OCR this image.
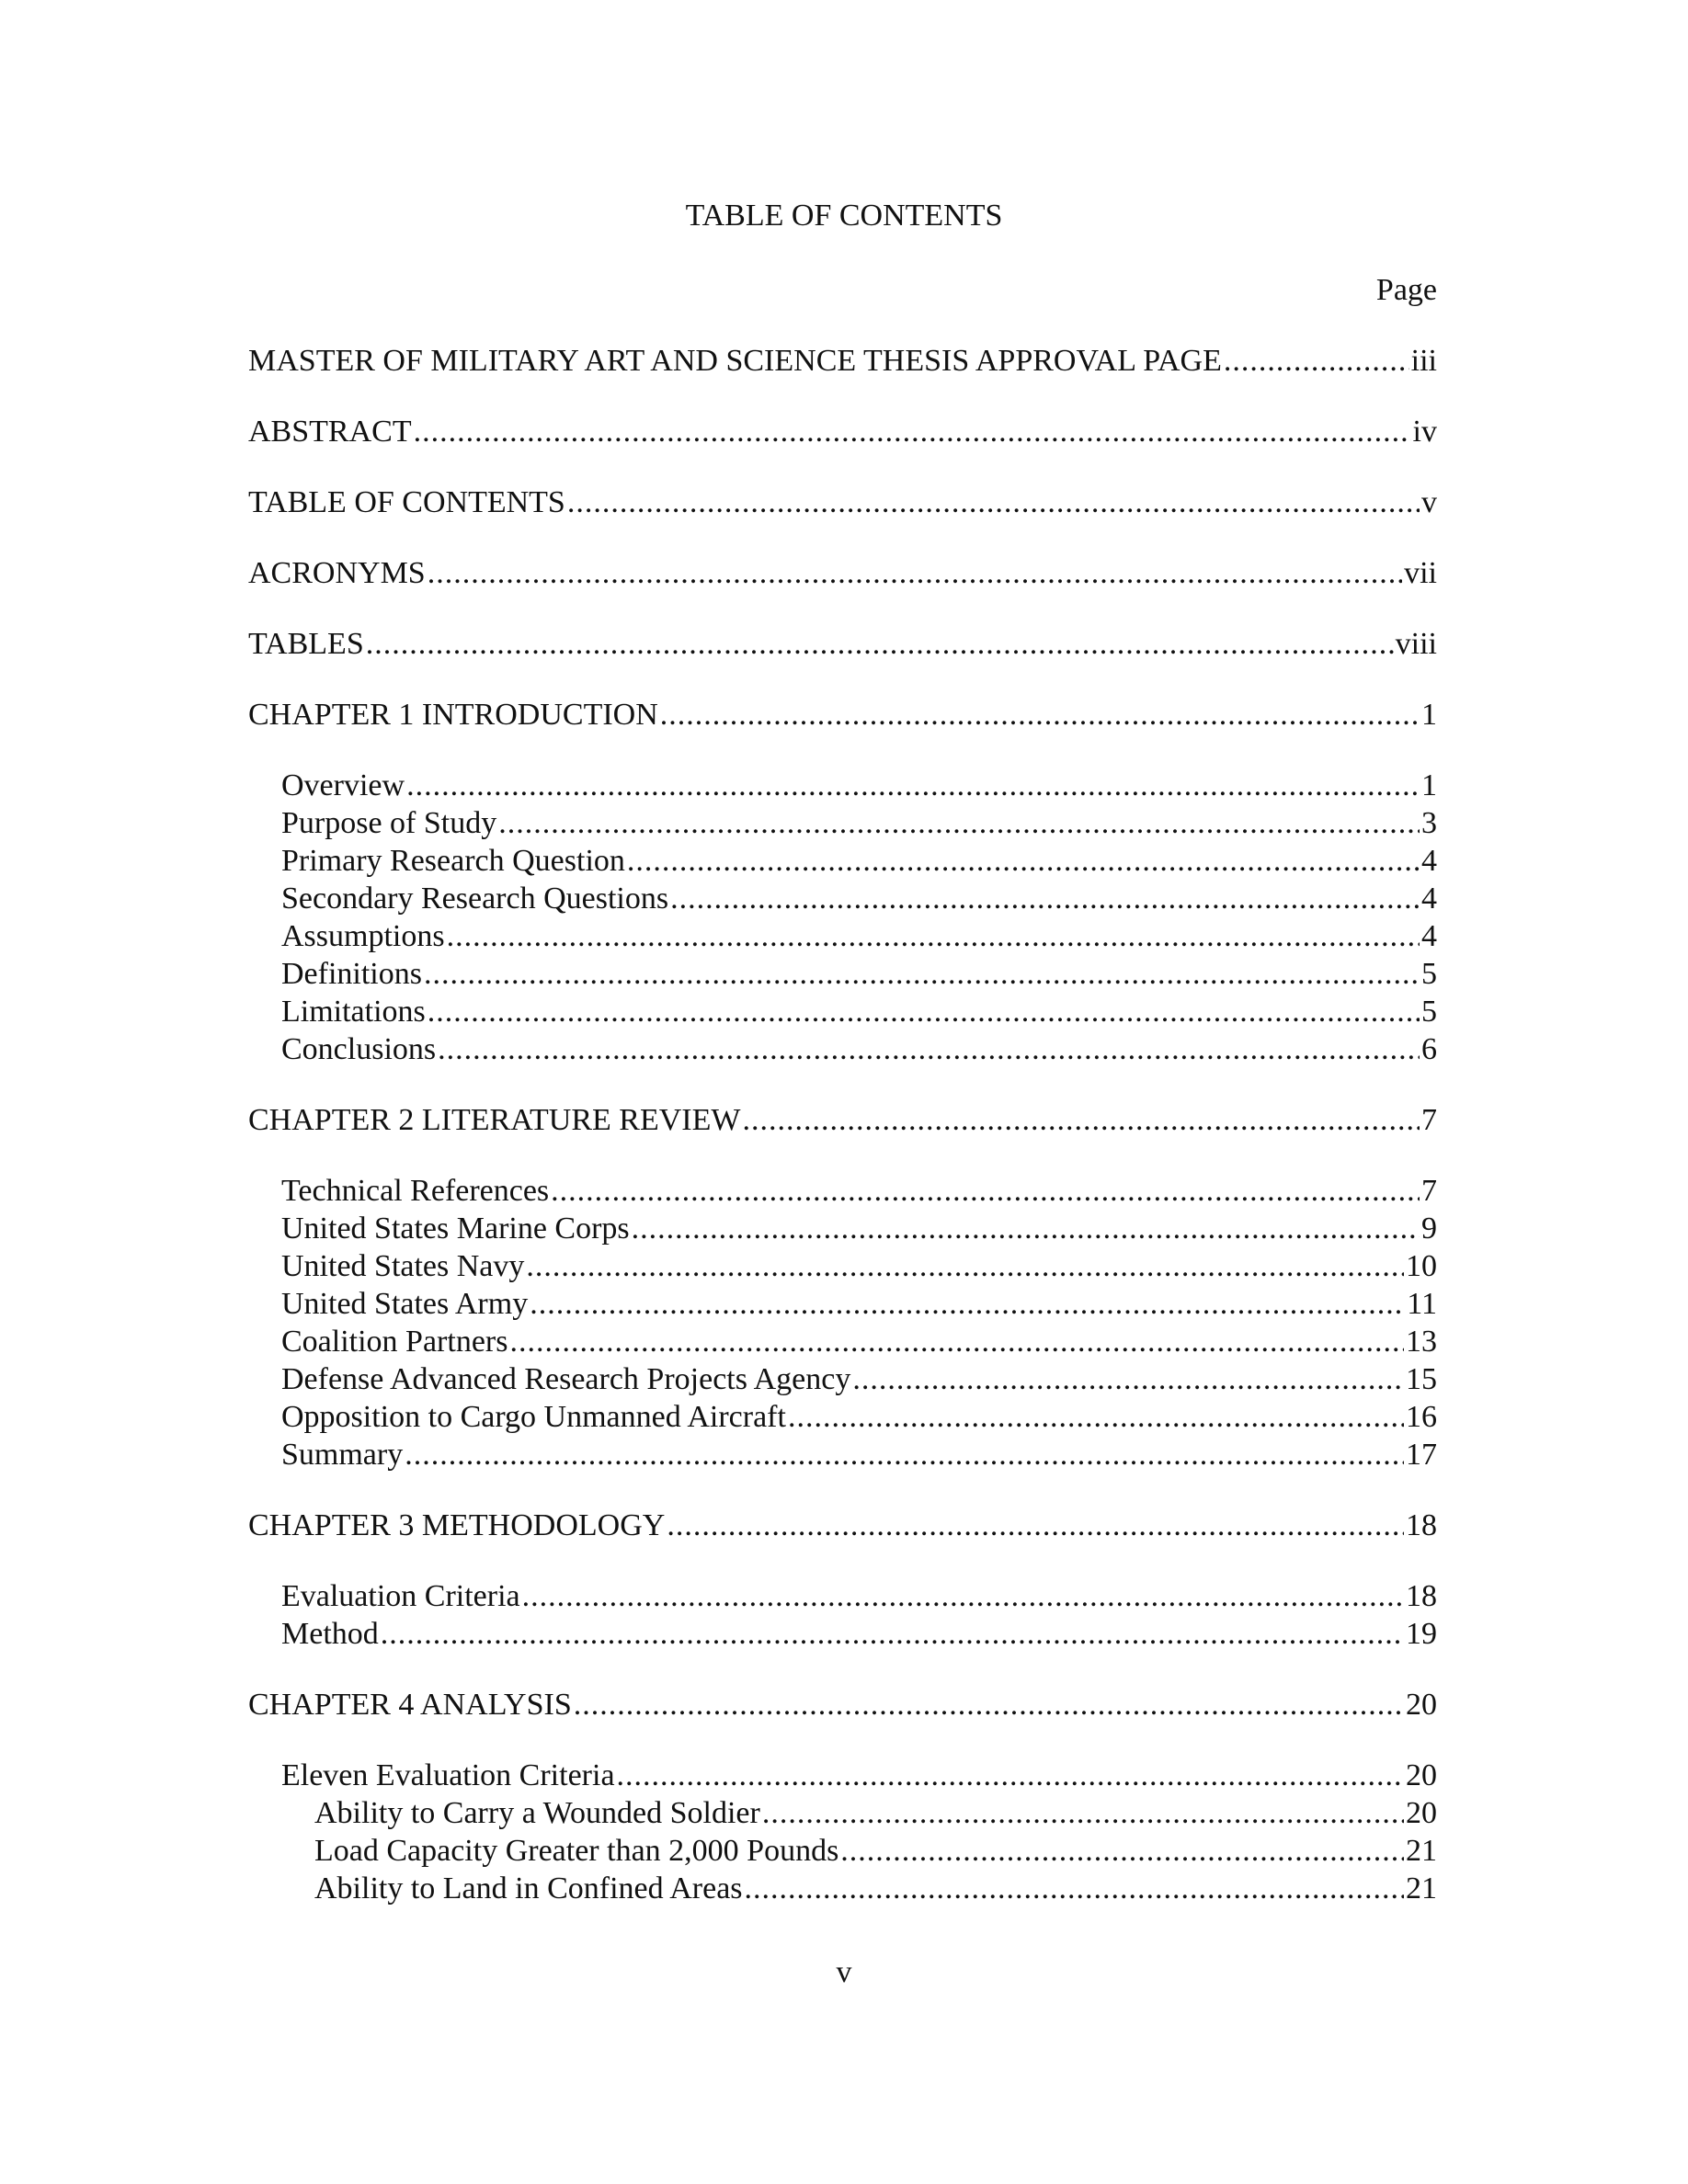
TABLE OF CONTENTS
Page
MASTER OF MILITARY ART AND SCIENCE THESIS APPROVAL PAGE .....	iii
ABSTRACT .....	iv
TABLE OF CONTENTS .....	v
ACRONYMS .....	vii
TABLES .....	viii
CHAPTER 1 INTRODUCTION .....	1
Overview .....	1
Purpose of Study .....	3
Primary Research Question .....	4
Secondary Research Questions .....	4
Assumptions .....	4
Definitions .....	5
Limitations .....	5
Conclusions .....	6
CHAPTER 2 LITERATURE REVIEW .....	7
Technical References .....	7
United States Marine Corps .....	9
United States Navy .....	10
United States Army .....	11
Coalition Partners .....	13
Defense Advanced Research Projects Agency .....	15
Opposition to Cargo Unmanned Aircraft .....	16
Summary .....	17
CHAPTER 3 METHODOLOGY .....	18
Evaluation Criteria .....	18
Method .....	19
CHAPTER 4 ANALYSIS .....	20
Eleven Evaluation Criteria .....	20
Ability to Carry a Wounded Soldier .....	20
Load Capacity Greater than 2,000 Pounds .....	21
Ability to Land in Confined Areas .....	21
v
